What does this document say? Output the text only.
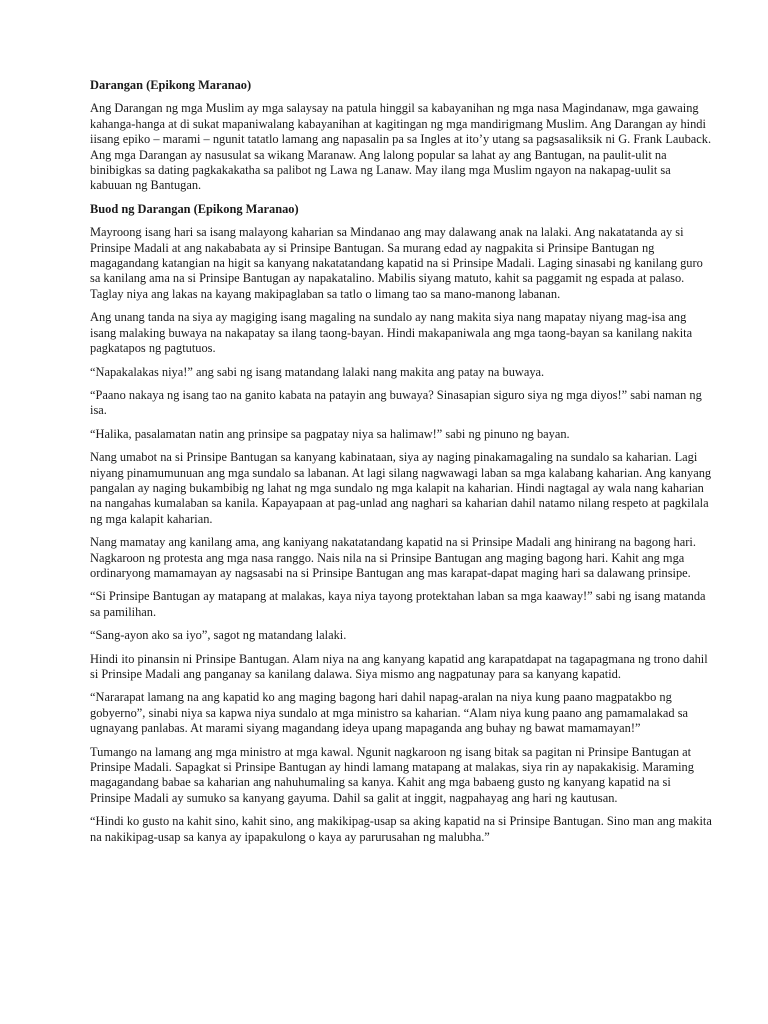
Darangan (Epikong Maranao)

Ang Darangan ng mga Muslim ay mga salaysay na patula hinggil sa kabayanihan ng mga nasa Magindanaw, mga gawaing kahanga-hanga at di sukat mapaniwalang kabayanihan at kagitingan ng mga mandirigmang Muslim. Ang Darangan ay hindi iisang epiko – marami – ngunit tatatlo lamang ang napasalin pa sa Ingles at ito’y utang sa pagsasaliksik ni G. Frank Lauback. Ang mga Darangan ay nasusulat sa wikang Maranaw. Ang lalong popular sa lahat ay ang Bantugan, na paulit-ulit na binibigkas sa dating pagkakakatha sa palibot ng Lawa ng Lanaw. May ilang mga Muslim ngayon na nakapag-uulit sa kabuuan ng Bantugan.

Buod ng Darangan (Epikong Maranao)

Mayroong isang hari sa isang malayong kaharian sa Mindanao ang may dalawang anak na lalaki. Ang nakatatanda ay si Prinsipe Madali at ang nakababata ay si Prinsipe Bantugan. Sa murang edad ay nagpakita si Prinsipe Bantugan ng magagandang katangian na higit sa kanyang nakatatandang kapatid na si Prinsipe Madali. Laging sinasabi ng kanilang guro sa kanilang ama na si Prinsipe Bantugan ay napakatalino. Mabilis siyang matuto, kahit sa paggamit ng espada at palaso. Taglay niya ang lakas na kayang makipaglaban sa tatlo o limang tao sa mano-manong labanan.

Ang unang tanda na siya ay magiging isang magaling na sundalo ay nang makita siya nang mapatay niyang mag-isa ang isang malaking buwaya na nakapatay sa ilang taong-bayan. Hindi makapaniwala ang mga taong-bayan sa kanilang nakita pagkatapos ng pagtutuos.

“Napakalakas niya!” ang sabi ng isang matandang lalaki nang makita ang patay na buwaya.

“Paano nakaya ng isang tao na ganito kabata na patayin ang buwaya? Sinasapian siguro siya ng mga diyos!” sabi naman ng isa.

“Halika, pasalamatan natin ang prinsipe sa pagpatay niya sa halimaw!” sabi ng pinuno ng bayan.

Nang umabot na si Prinsipe Bantugan sa kanyang kabinataan, siya ay naging pinakamagaling na sundalo sa kaharian. Lagi niyang pinamumunuan ang mga sundalo sa labanan. At lagi silang nagwawagi laban sa mga kalabang kaharian. Ang kanyang pangalan ay naging bukambibig ng lahat ng mga sundalo ng mga kalapit na kaharian. Hindi nagtagal ay wala nang kaharian na nangahas kumalaban sa kanila. Kapayapaan at pag-unlad ang naghari sa kaharian dahil natamo nilang respeto at pagkilala ng mga kalapit kaharian.

Nang mamatay ang kanilang ama, ang kaniyang nakatatandang kapatid na si Prinsipe Madali ang hinirang na bagong hari. Nagkaroon ng protesta ang mga nasa ranggo. Nais nila na si Prinsipe Bantugan ang maging bagong hari. Kahit ang mga ordinaryong mamamayan ay nagsasabi na si Prinsipe Bantugan ang mas karapat-dapat maging hari sa dalawang prinsipe.

“Si Prinsipe Bantugan ay matapang at malakas, kaya niya tayong protektahan laban sa mga kaaway!” sabi ng isang matanda sa pamilihan.

“Sang-ayon ako sa iyo”, sagot ng matandang lalaki.

Hindi ito pinansin ni Prinsipe Bantugan. Alam niya na ang kanyang kapatid ang karapatdapat na tagapagmana ng trono dahil si Prinsipe Madali ang panganay sa kanilang dalawa. Siya mismo ang nagpatunay para sa kanyang kapatid.

“Nararapat lamang na ang kapatid ko ang maging bagong hari dahil napag-aralan na niya kung paano magpatakbo ng gobyerno”, sinabi niya sa kapwa niya sundalo at mga ministro sa kaharian. “Alam niya kung paano ang pamamalakad sa ugnayang panlabas. At marami siyang magandang ideya upang mapaganda ang buhay ng bawat mamamayan!”

Tumango na lamang ang mga ministro at mga kawal. Ngunit nagkaroon ng isang bitak sa pagitan ni Prinsipe Bantugan at Prinsipe Madali. Sapagkat si Prinsipe Bantugan ay hindi lamang matapang at malakas, siya rin ay napakakisig. Maraming magagandang babae sa kaharian ang nahuhumaling sa kanya. Kahit ang mga babaeng gusto ng kanyang kapatid na si Prinsipe Madali ay sumuko sa kanyang gayuma. Dahil sa galit at inggit, nagpahayag ang hari ng kautusan.

“Hindi ko gusto na kahit sino, kahit sino, ang makikipag-usap sa aking kapatid na si Prinsipe Bantugan. Sino man ang makita na nakikipag-usap sa kanya ay ipapakulong o kaya ay parurusahan ng malubha.”
